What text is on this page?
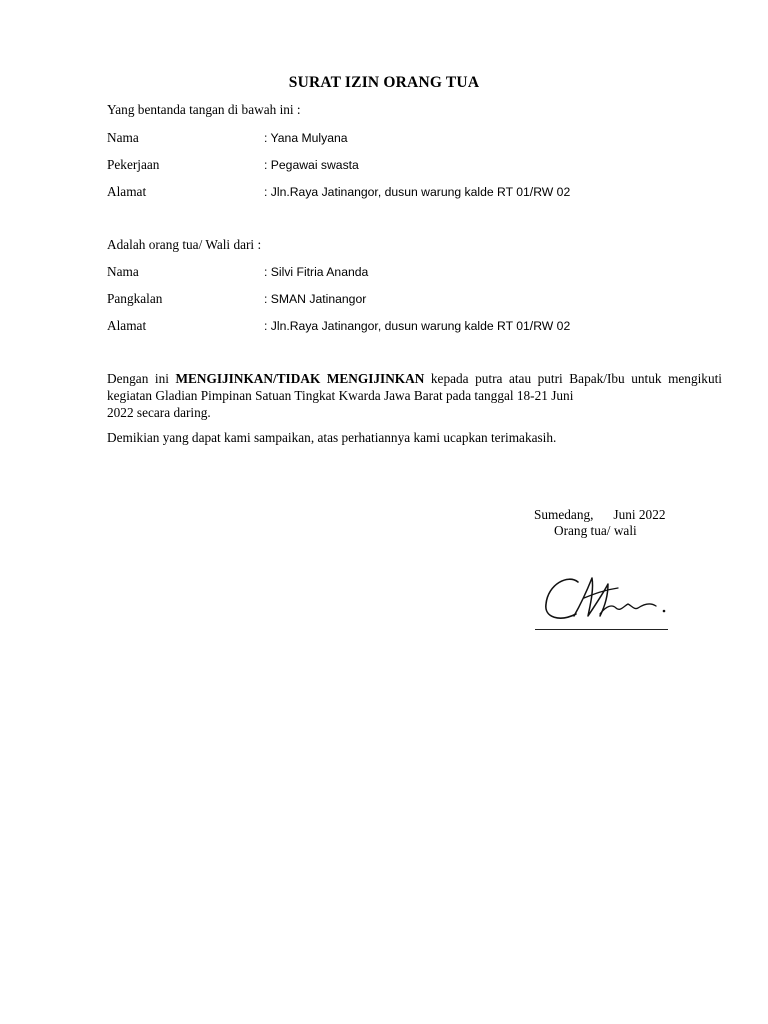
SURAT IZIN ORANG TUA
Yang bentanda tangan di bawah ini :
Nama	: Yana Mulyana
Pekerjaan	: Pegawai swasta
Alamat	: Jln.Raya Jatinangor, dusun warung kalde RT 01/RW 02
Adalah orang tua/ Wali dari :
Nama	: Silvi Fitria Ananda
Pangkalan	: SMAN Jatinangor
Alamat	: Jln.Raya Jatinangor, dusun warung kalde RT 01/RW 02
Dengan ini MENGIJINKAN/TIDAK MENGIJINKAN kepada putra atau putri Bapak/Ibu untuk mengikuti kegiatan Gladian Pimpinan Satuan Tingkat Kwarda Jawa Barat pada tanggal 18-21 Juni
2022 secara daring.
Demikian yang dapat kami sampaikan, atas perhatiannya kami ucapkan terimakasih.
Sumedang,      Juni 2022
Orang tua/ wali
